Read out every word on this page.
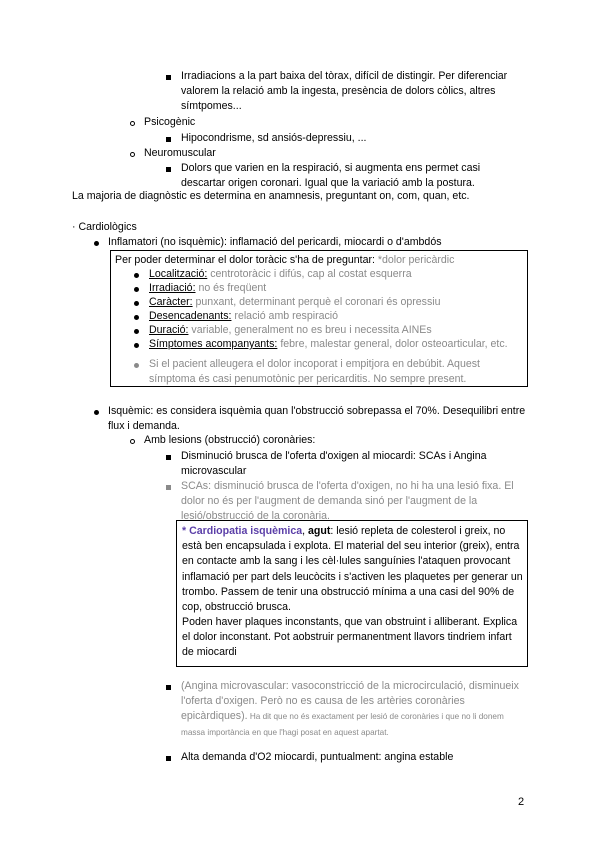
Irradiacions a la part baixa del tòrax, difícil de distingir. Per diferenciar valorem la relació amb la ingesta, presència de dolors còlics, altres símtpomes...
Psicogènic
Hipocondrisme, sd ansiós-depressiu, ...
Neuromuscular
Dolors que varien en la respiració, si augmenta ens permet casi descartar origen coronari. Igual que la variació amb la postura.
La majoria de diagnòstic es determina en anamnesis, preguntant on, com, quan, etc.
· Cardiològics
Inflamatori (no isquèmic): inflamació del pericardi, miocardi o d'ambdós
Per poder determinar el dolor toràcic s'ha de preguntar: *dolor pericàrdic
Localització: centrotoràcic i difús, cap al costat esquerra
Irradiació: no és freqüent
Caràcter: punxant, determinant perquè el coronari és opressiu
Desencadenants: relació amb respiració
Duració: variable, generalment no es breu i necessita AINEs
Símptomes acompanyants: febre, malestar general, dolor osteoarticular, etc.
Si el pacient alleugera el dolor incoporat i empitjora en debúbit. Aquest símptoma és casi penumotònic per pericarditis. No sempre present.
Isquèmic: es considera isquèmia quan l'obstrucció sobrepassa el 70%. Desequilibri entre flux i demanda.
Amb lesions (obstrucció) coronàries:
Disminució brusca de l'oferta d'oxigen al miocardi: SCAs i Angina microvascular
SCAs: disminució brusca de l'oferta d'oxigen, no hi ha una lesió fixa. El dolor no és per l'augment de demanda sinó per l'augment de la lesió/obstrucció de la coronària.
* Cardiopatia isquèmica, agut: lesió repleta de colesterol i greix, no està ben encapsulada i explota. El material del seu interior (greix), entra en contacte amb la sang i les cèl·lules sanguínies l'ataquen provocant inflamació per part dels leucòcits i s'activen les plaquetes per generar un trombo. Passem de tenir una obstrucció mínima a una casi del 90% de cop, obstrucció brusca.
Poden haver plaques inconstants, que van obstruint i alliberant. Explica el dolor inconstant. Pot aobstruir permanentment llavors tindriem infart de miocardi
(Angina microvascular: vasoconstricció de la microcirculació, disminueix l'oferta d'oxigen. Però no es causa de les artèries coronàries epicàrdiques). Ha dit que no és exactament per lesió de coronàries i que no li donem massa importància en que l'hagi posat en aquest apartat.
Alta demanda d'O2 miocardi, puntualment: angina estable
2
